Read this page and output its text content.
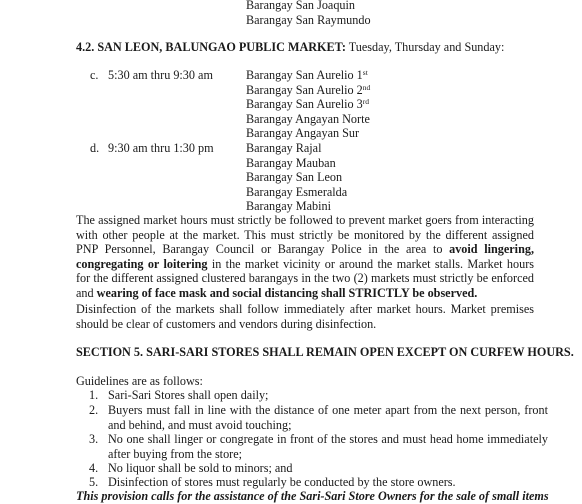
Barangay San Joaquin
Barangay San Raymundo
4.2. SAN LEON, BALUNGAO PUBLIC MARKET: Tuesday, Thursday and Sunday:
c. 5:30 am thru 9:30 am	Barangay San Aurelio 1st
Barangay San Aurelio 2nd
Barangay San Aurelio 3rd
Barangay Angayan Norte
Barangay Angayan Sur
d. 9:30 am thru 1:30 pm	Barangay Rajal
Barangay Mauban
Barangay San Leon
Barangay Esmeralda
Barangay Mabini
The assigned market hours must strictly be followed to prevent market goers from interacting with other people at the market. This must strictly be monitored by the different assigned PNP Personnel, Barangay Council or Barangay Police in the area to avoid lingering, congregating or loitering in the market vicinity or around the market stalls. Market hours for the different assigned clustered barangays in the two (2) markets must strictly be enforced and wearing of face mask and social distancing shall STRICTLY be observed.
Disinfection of the markets shall follow immediately after market hours. Market premises should be clear of customers and vendors during disinfection.
SECTION 5. SARI-SARI STORES SHALL REMAIN OPEN EXCEPT ON CURFEW HOURS.
Guidelines are as follows:
1. Sari-Sari Stores shall open daily;
2. Buyers must fall in line with the distance of one meter apart from the next person, front and behind, and must avoid touching;
3. No one shall linger or congregate in front of the stores and must head home immediately after buying from the store;
4. No liquor shall be sold to minors; and
5. Disinfection of stores must regularly be conducted by the store owners.
This provision calls for the assistance of the Sari-Sari Store Owners for the sale of small items
